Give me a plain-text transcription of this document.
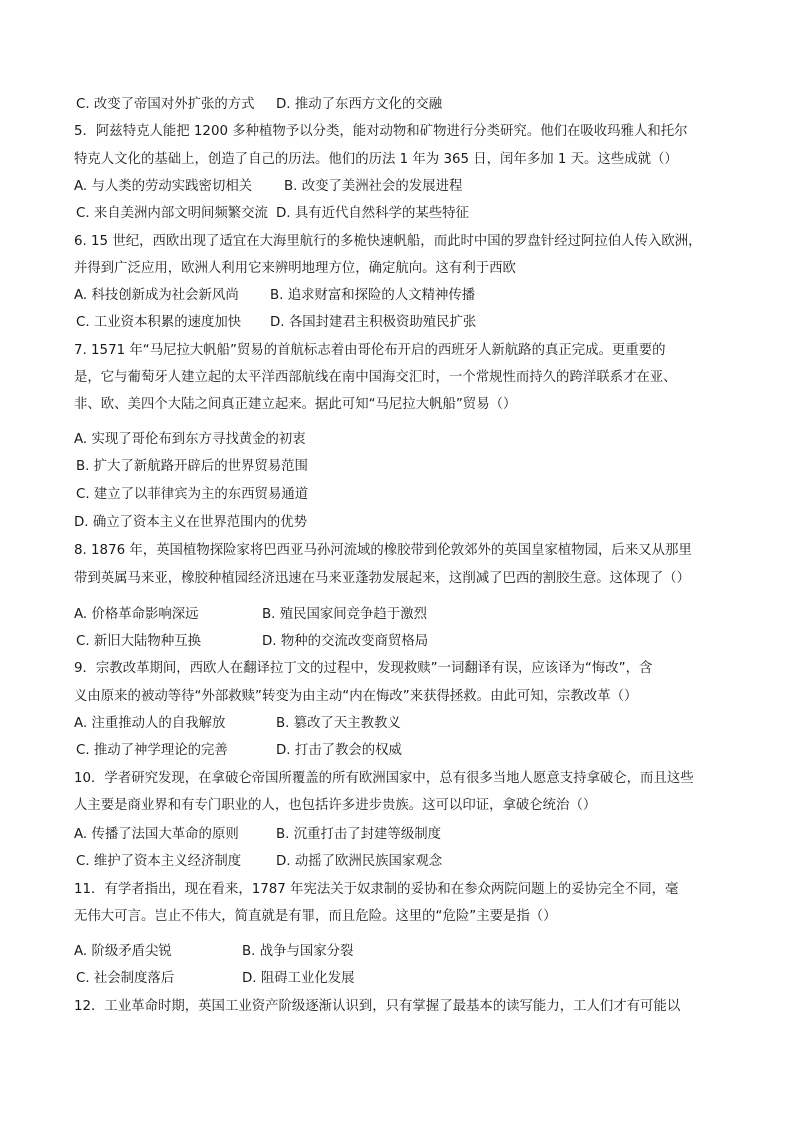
C. 改变了帝国对外扩张的方式 D. 推动了东西方文化的交融
5．阿兹特克人能把 1200 多种植物予以分类，能对动物和矿物进行分类研究。他们在吸收玛雅人和托尔
特克人文化的基础上，创造了自己的历法。他们的历法 1 年为 365 日，闰年多加 1 天。这些成就（）
A. 与人类的劳动实践密切相关 B. 改变了美洲社会的发展进程
C. 来自美洲内部文明间频繁交流 D. 具有近代自然科学的某些特征
6. 15 世纪，西欧出现了适宜在大海里航行的多桅快速帆船，而此时中国的罗盘针经过阿拉伯人传入欧洲，
并得到广泛应用，欧洲人利用它来辨明地理方位，确定航向。这有利于西欧
A. 科技创新成为社会新风尚 B. 追求财富和探险的人文精神传播
C. 工业资本积累的速度加快 D. 各国封建君主积极资助殖民扩张
7. 1571 年“马尼拉大帆船”贸易的首航标志着由哥伦布开启的西班牙人新航路的真正完成。更重要的
是，它与葡萄牙人建立起的太平洋西部航线在南中国海交汇时，一个常规性而持久的跨洋联系才在亚、
非、欧、美四个大陆之间真正建立起来。据此可知“马尼拉大帆船”贸易（）
A. 实现了哥伦布到东方寻找黄金的初衷
B. 扩大了新航路开辟后的世界贸易范围
C. 建立了以菲律宾为主的东西贸易通道
D. 确立了资本主义在世界范围内的优势
8. 1876 年，英国植物探险家将巴西亚马孙河流域的橡胶带到伦敦郊外的英国皇家植物园，后来又从那里
带到英属马来亚，橡胶种植园经济迅速在马来亚蓬勃发展起来，这削减了巴西的割胶生意。这体现了（）
A. 价格革命影响深远	B. 殖民国家间竞争趋于激烈
C. 新旧大陆物种互换	D. 物种的交流改变商贸格局
9．宗教改革期间，西欧人在翻译拉丁文的过程中，发现救赎”一词翻译有误，应该译为“悔改”，含
义由原来的被动等待“外部救赎”转变为由主动“内在悔改”来获得拯救。由此可知，宗教改革（）
A. 注重推动人的自我解放	B. 篡改了天主教教义
C. 推动了神学理论的完善	D. 打击了教会的权威
10．学者研究发现，在拿破仑帝国所覆盖的所有欧洲国家中，总有很多当地人愿意支持拿破仑，而且这些
人主要是商业界和有专门职业的人，也包括许多进步贵族。这可以印证，拿破仑统治（）
A. 传播了法国大革命的原则	B. 沉重打击了封建等级制度
C. 维护了资本主义经济制度	D. 动摇了欧洲民族国家观念
11．有学者指出，现在看来，1787 年宪法关于奴隶制的妥协和在参众两院问题上的妥协完全不同，毫
无伟大可言。岂止不伟大，简直就是有罪，而且危险。这里的“危险”主要是指（）
A. 阶级矛盾尖锐	B. 战争与国家分裂
C. 社会制度落后	D. 阻碍工业化发展
12．工业革命时期，英国工业资产阶级逐渐认识到，只有掌握了最基本的读写能力，工人们才有可能以
